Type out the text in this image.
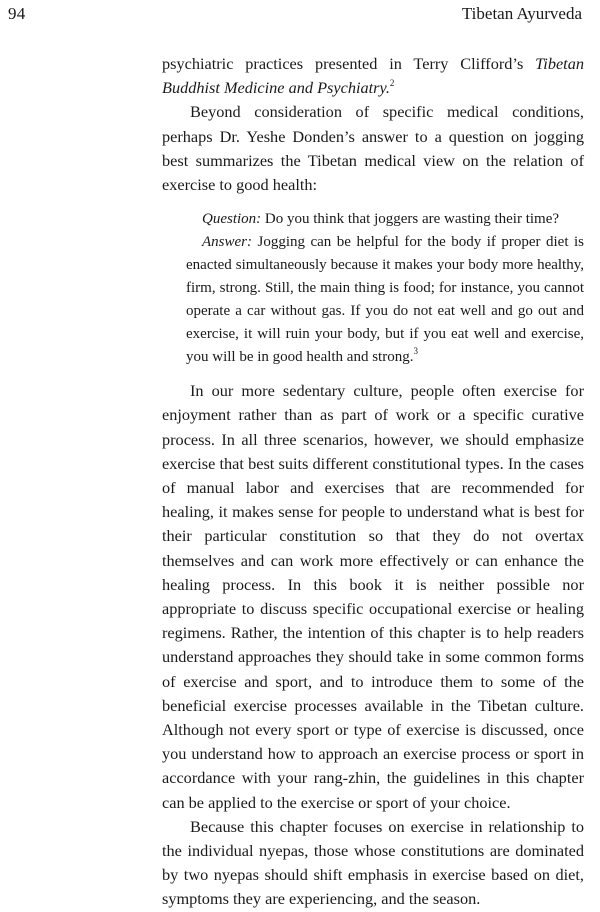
94	Tibetan Ayurveda

psychiatric practices presented in Terry Clifford’s Tibetan Buddhist Medicine and Psychiatry.$^2$

Beyond consideration of specific medical conditions, perhaps Dr. Yeshe Donden’s answer to a question on jogging best summarizes the Tibetan medical view on the relation of exercise to good health:

Question: Do you think that joggers are wasting their time?

Answer: Jogging can be helpful for the body if proper diet is enacted simultaneously because it makes your body more healthy, firm, strong. Still, the main thing is food; for instance, you cannot operate a car without gas. If you do not eat well and go out and exercise, it will ruin your body, but if you eat well and exercise, you will be in good health and strong.$^3$

In our more sedentary culture, people often exercise for enjoyment rather than as part of work or a specific curative process. In all three scenarios, however, we should emphasize exercise that best suits different constitutional types. In the cases of manual labor and exercises that are recommended for healing, it makes sense for people to understand what is best for their particular constitution so that they do not overtax themselves and can work more effectively or can enhance the healing process. In this book it is neither possible nor appropriate to discuss specific occupational exercise or healing regimens. Rather, the intention of this chapter is to help readers understand approaches they should take in some common forms of exercise and sport, and to introduce them to some of the beneficial exercise processes available in the Tibetan culture. Although not every sport or type of exercise is discussed, once you understand how to approach an exercise process or sport in accordance with your rang-zhin, the guidelines in this chapter can be applied to the exercise or sport of your choice.

Because this chapter focuses on exercise in relationship to the individual nyepas, those whose constitutions are dominated by two nyepas should shift emphasis in exercise based on diet, symptoms they are experiencing, and the season.
